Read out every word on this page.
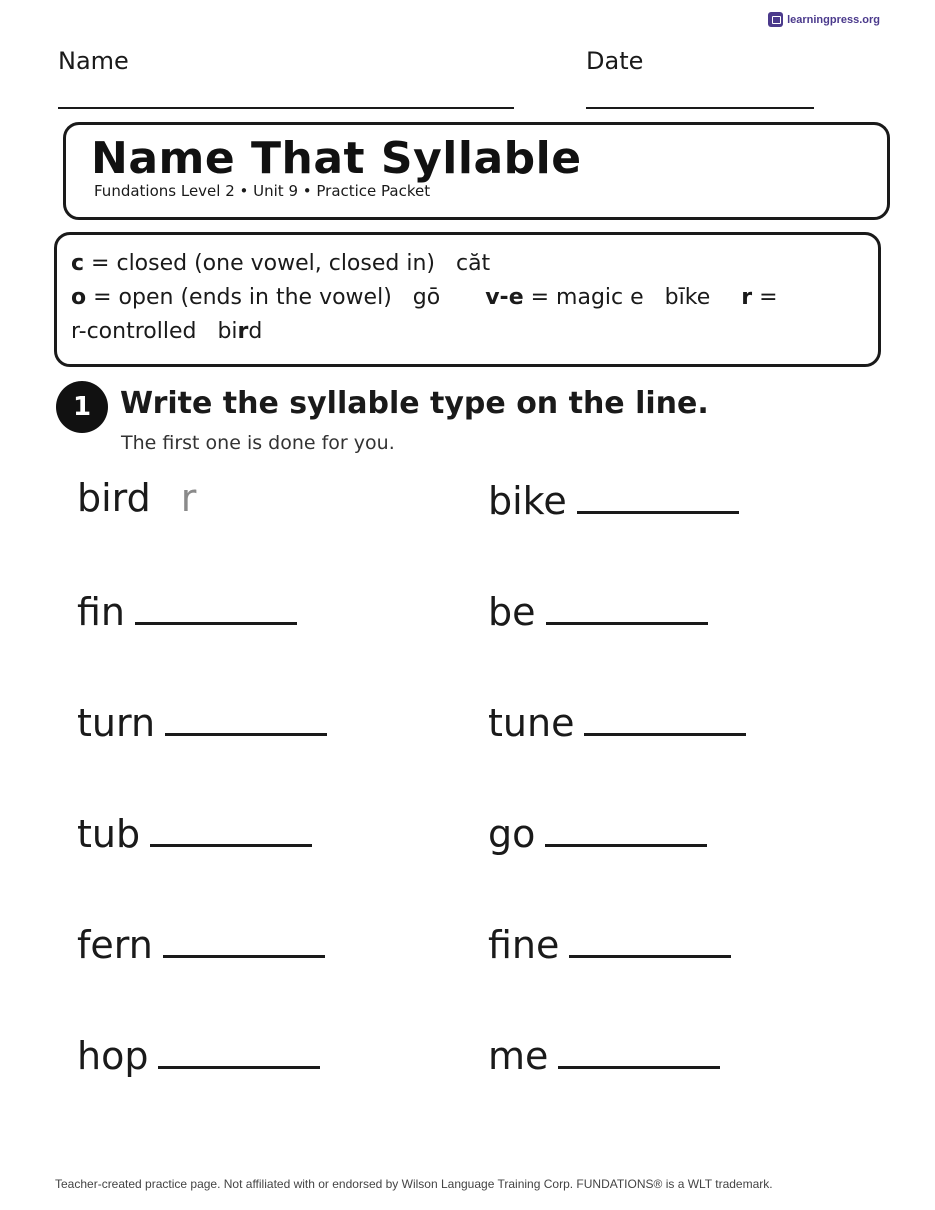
learningpress.org
Name	Date
Name That Syllable
Fundations Level 2 • Unit 9 • Practice Packet
c = closed (one vowel, closed in) căt
o = open (ends in the vowel) gō v-e = magic e bīke r =
r-controlled bird
1 Write the syllable type on the line.
The first one is done for you.
bird r
fin
turn
tub
fern
hop
bike
be
tune
go
fine
me
Teacher-created practice page. Not affiliated with or endorsed by Wilson Language Training Corp. FUNDATIONS® is a WLT trademark.
